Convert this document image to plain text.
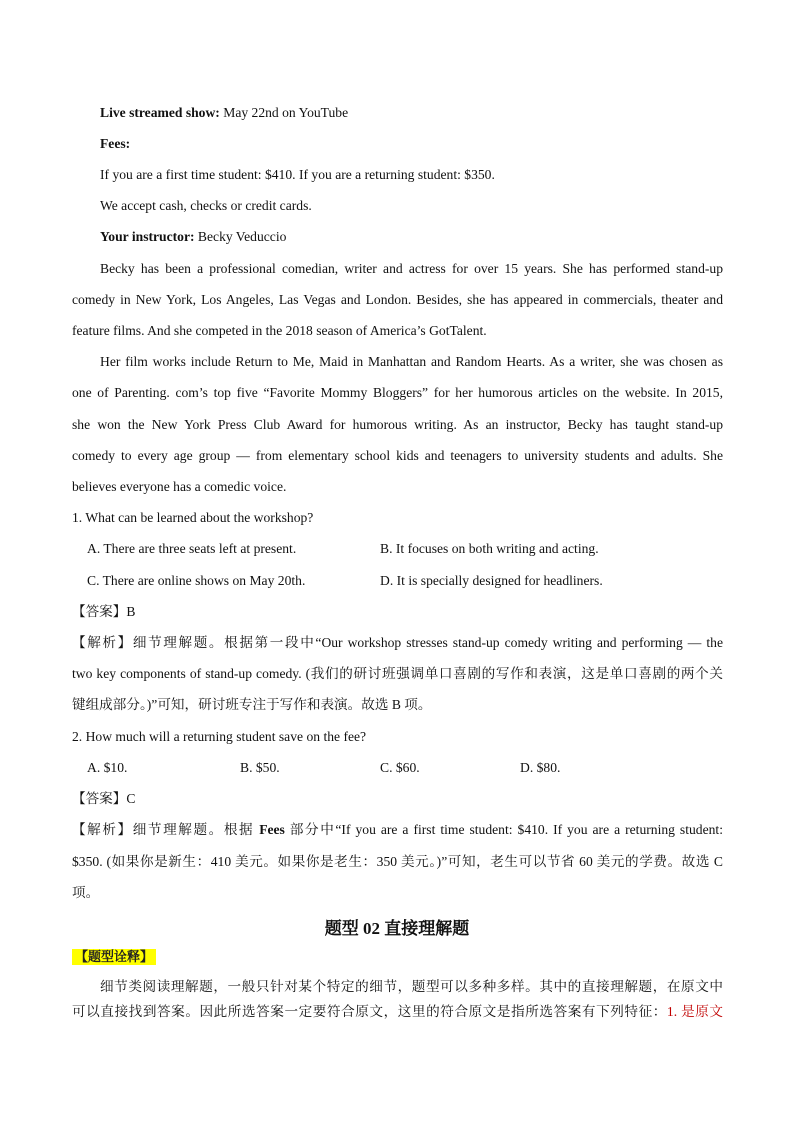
Live streamed show: May 22nd on YouTube
Fees:
If you are a first time student: $410. If you are a returning student: $350.
We accept cash, checks or credit cards.
Your instructor: Becky Veduccio
Becky has been a professional comedian, writer and actress for over 15 years. She has performed stand-up
comedy in New York, Los Angeles, Las Vegas and London. Besides, she has appeared in commercials, theater and
feature films. And she competed in the 2018 season of America’s GotTalent.
Her film works include Return to Me, Maid in Manhattan and Random Hearts. As a writer, she was chosen as
one of Parenting. com’s top five “Favorite Mommy Bloggers” for her humorous articles on the website. In 2015,
she won the New York Press Club Award for humorous writing. As an instructor, Becky has taught stand-up
comedy to every age group — from elementary school kids and teenagers to university students and adults. She
believes everyone has a comedic voice.
1. What can be learned about the workshop?
A. There are three seats left at present.	B. It focuses on both writing and acting.
C. There are online shows on May 20th.	D. It is specially designed for headliners.
【答案】B
【解析】细节理解题。根据第一段中“Our workshop stresses stand-up comedy writing and performing — the
two key components of stand-up comedy. (我们的研讨班强调单口喜剧的写作和表演，这是单口喜剧的两个关
键组成部分。)”可知，研讨班专注于写作和表演。故选 B 项。
2. How much will a returning student save on the fee?
A. $10.	B. $50.	C. $60.	D. $80.
【答案】C
【解析】细节理解题。根据 Fees 部分中“If you are a first time student: $410. If you are a returning student:
$350. (如果你是新生：410 美元。如果你是老生：350 美元。)”可知，老生可以节省 60 美元的学费。故选 C
项。
题型 02 直接理解题
【题型诠释】
细节类阅读理解题，一般只针对某个特定的细节，题型可以多种多样。其中的直接理解题，在原文中
可以直接找到答案。因此所选答案一定要符合原文，这里的符合原文是指所选答案有下列特征：1. 是原文
